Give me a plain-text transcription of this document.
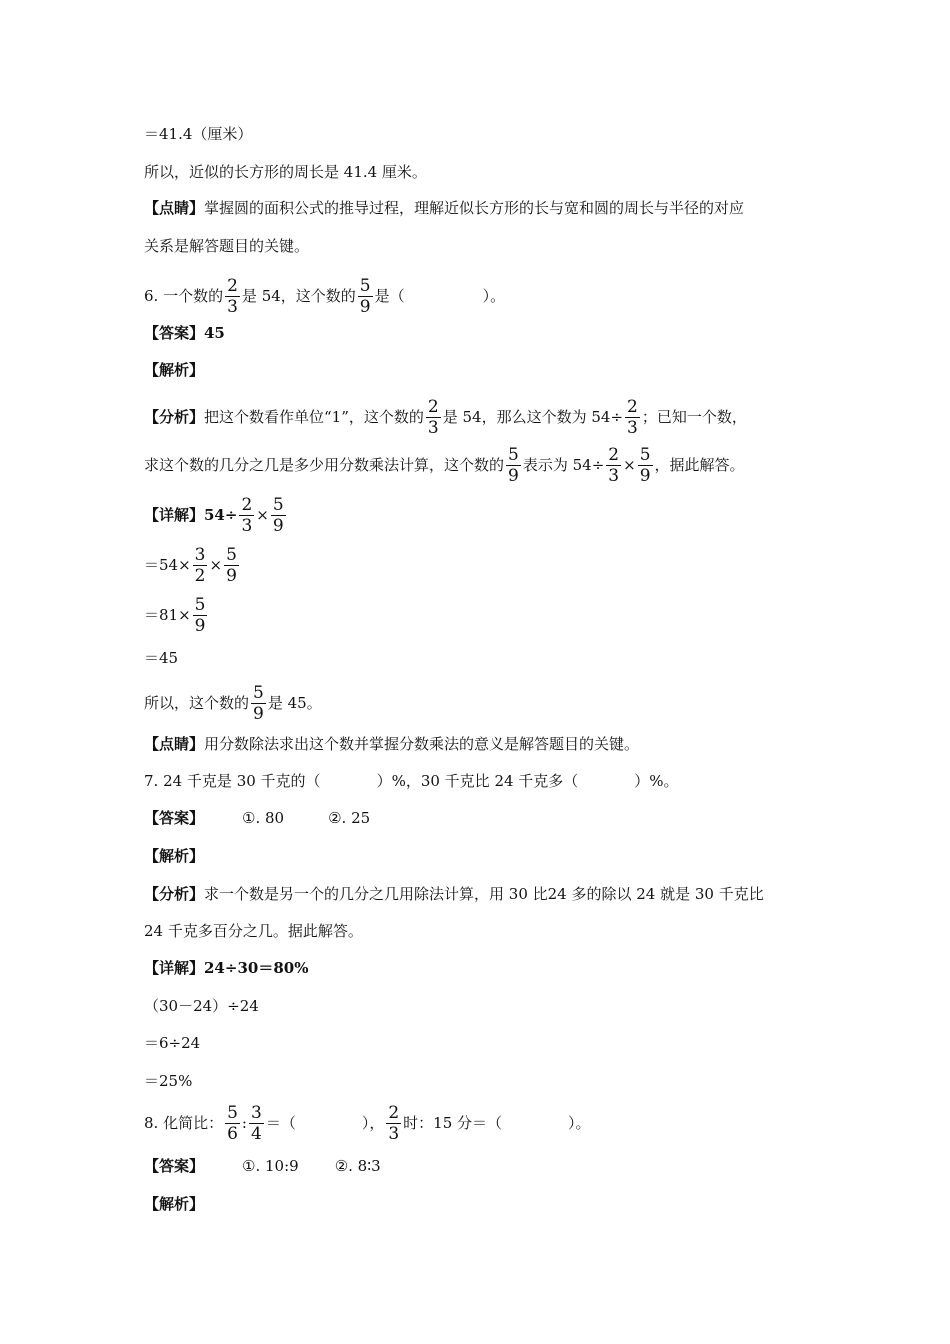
＝41.4（厘米）
所以，近似的长方形的周长是 41.4 厘米。
【点睛】 掌握圆的面积公式的推导过程，理解近似长方形的长与宽和圆的周长与半径的对应
关系是解答题目的关键。
6. 一个数的 $\frac{2}{3}$ 是 54，这个数的 $\frac{5}{9}$ 是（	）。
【答案】45
【解析】
【分析】 把这个数看作单位“1”，这个数的 $\frac{2}{3}$ 是 54，那么这个数为 $54\div \frac{2}{3}$ ；已知一个数，
求这个数的几分之几是多少用分数乘法计算，这个数的 $\frac{5}{9}$ 表示为 $54\div \frac{2}{3} \times \frac{5}{9}$ ，据此解答。
【详解】$54\div \frac{2}{3} \times \frac{5}{9}$
$=54\times \frac{3}{2} \times \frac{5}{9}$
$=81\times \frac{5}{9}$
＝45
所以，这个数的 $\frac{5}{9}$ 是 45。
【点睛】 用分数除法求出这个数并掌握分数乘法的意义是解答题目的关键。
7. 24 千克是 30 千克的（	）%，30 千克比 24 千克多（	）%。
【答案】	①. 80	②. 25
【解析】
【分析】 求一个数是另一个的几分之几用除法计算，用 30 比24 多的除以 24 就是 30 千克比
24 千克多百分之几。据此解答。
【详解】24÷30＝80%
（30－24）÷24
＝6÷24
＝25%
8. 化简比： $\frac{5}{6}$ : $\frac{3}{4}$ ＝（	）， $\frac{2}{3}$ 时：15 分＝（	）。
【答案】	①. 10:9 ②. 8∶3
【解析】
